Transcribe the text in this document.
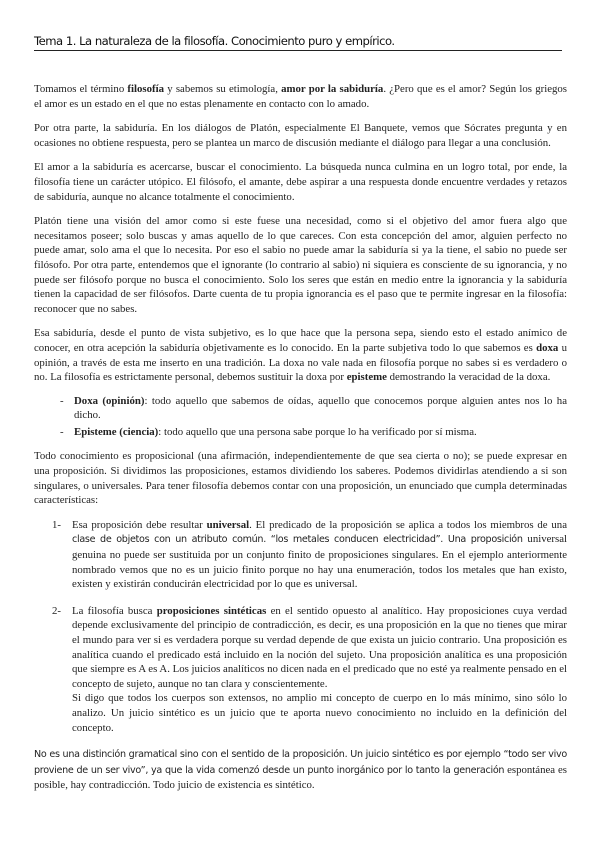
Tema 1. La naturaleza de la filosofía. Conocimiento puro y empírico.

Tomamos el término filosofía y sabemos su etimología, amor por la sabiduría. ¿Pero que es el amor? Según los griegos el amor es un estado en el que no estas plenamente en contacto con lo amado.

Por otra parte, la sabiduría. En los diálogos de Platón, especialmente El Banquete, vemos que Sócrates pregunta y en ocasiones no obtiene respuesta, pero se plantea un marco de discusión mediante el diálogo para llegar a una conclusión.

El amor a la sabiduría es acercarse, buscar el conocimiento. La búsqueda nunca culmina en un logro total, por ende, la filosofía tiene un carácter utópico. El filósofo, el amante, debe aspirar a una respuesta donde encuentre verdades y retazos de sabiduría, aunque no alcance totalmente el conocimiento.

Platón tiene una visión del amor como si este fuese una necesidad, como si el objetivo del amor fuera algo que necesitamos poseer; solo buscas y amas aquello de lo que careces. Con esta concepción del amor, alguien perfecto no puede amar, solo ama el que lo necesita. Por eso el sabio no puede amar la sabiduría si ya la tiene, el sabio no puede ser filósofo. Por otra parte, entendemos que el ignorante (lo contrario al sabio) ni siquiera es consciente de su ignorancia, y no puede ser filósofo porque no busca el conocimiento. Solo los seres que están en medio entre la ignorancia y la sabiduría tienen la capacidad de ser filósofos. Darte cuenta de tu propia ignorancia es el paso que te permite ingresar en la filosofía: reconocer que no sabes.

Esa sabiduría, desde el punto de vista subjetivo, es lo que hace que la persona sepa, siendo esto el estado anímico de conocer, en otra acepción la sabiduría objetivamente es lo conocido. En la parte subjetiva todo lo que sabemos es doxa u opinión, a través de esta me inserto en una tradición. La doxa no vale nada en filosofía porque no sabes si es verdadero o no. La filosofía es estrictamente personal, debemos sustituir la doxa por episteme demostrando la veracidad de la doxa.

- Doxa (opinión): todo aquello que sabemos de oídas, aquello que conocemos porque alguien antes nos lo ha dicho.
- Episteme (ciencia): todo aquello que una persona sabe porque lo ha verificado por sí misma.

Todo conocimiento es proposicional (una afirmación, independientemente de que sea cierta o no); se puede expresar en una proposición. Si dividimos las proposiciones, estamos dividiendo los saberes. Podemos dividirlas atendiendo a si son singulares, o universales. Para tener filosofía debemos contar con una proposición, un enunciado que cumpla determinadas características:

1- Esa proposición debe resultar universal. El predicado de la proposición se aplica a todos los miembros de una clase de objetos con un atributo común. “los metales conducen electricidad”. Una proposición universal genuina no puede ser sustituida por un conjunto finito de proposiciones singulares. En el ejemplo anteriormente nombrado vemos que no es un juicio finito porque no hay una enumeración, todos los metales que han existo, existen y existirán conducirán electricidad por lo que es universal.
2- La filosofía busca proposiciones sintéticas en el sentido opuesto al analítico. Hay proposiciones cuya verdad depende exclusivamente del principio de contradicción, es decir, es una proposición en la que no tienes que mirar el mundo para ver si es verdadera porque su verdad depende de que exista un juicio contrario. Una proposición es analítica cuando el predicado está incluido en la noción del sujeto. Una proposición analítica es una proposición que siempre es A es A. Los juicios analíticos no dicen nada en el predicado que no esté ya realmente pensado en el concepto de sujeto, aunque no tan clara y conscientemente.
Si digo que todos los cuerpos son extensos, no amplio mi concepto de cuerpo en lo más mínimo, sino sólo lo analizo. Un juicio sintético es un juicio que te aporta nuevo conocimiento no incluido en la definición del concepto.

No es una distinción gramatical sino con el sentido de la proposición. Un juicio sintético es por ejemplo “todo ser vivo proviene de un ser vivo”, ya que la vida comenzó desde un punto inorgánico por lo tanto la generación espontánea es posible, hay contradicción. Todo juicio de existencia es sintético.
